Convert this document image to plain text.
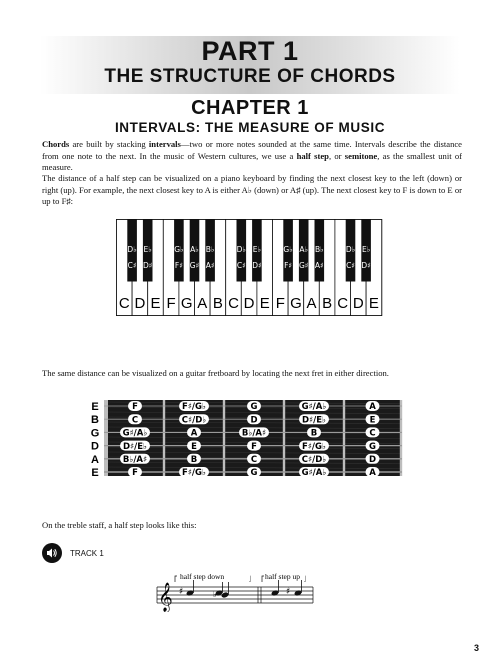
PART 1
THE STRUCTURE OF CHORDS
CHAPTER 1
INTERVALS: THE MEASURE OF MUSIC

Chords are built by stacking intervals—two or more notes sounded at the same time. Intervals describe the distance from one note to the next. In the music of Western cultures, we use a half step, or semitone, as the smallest unit of measure.

The distance of a half step can be visualized on a piano keyboard by finding the next closest key to the left (down) or right (up). For example, the next closest key to A is either A♭ (down) or A♯ (up). The next closest key to F is down to E or up to F♯:

C D E F G A B C D E F G A B C D E
D♭
C♯
E♭
D♯
G♭
F♯
A♭
G♯
B♭
A♯
D♭
C♯
E♭
D♯
G♭
F♯
A♭
G♯
B♭
A♯
D♭
C♯
E♭
D♯

The same distance can be visualized on a guitar fretboard by locating the next fret in either direction.

E	F	F♯/G♭	G	G♯/A♭	A
B	C	C♯/D♭	D	D♯/E♭	E
G	G♯/A♭	A	B♭/A♯	B	C
D	D♯/E♭	E	F	F♯/G♭	G
A	B♭/A♯	B	C	C♯/D♭	D
E	F	F♯/G♭	G	G♯/A♭	A

On the treble staff, a half step looks like this:

TRACK 1
𝄞
half step down	half step up
♯	♭	♯
3
